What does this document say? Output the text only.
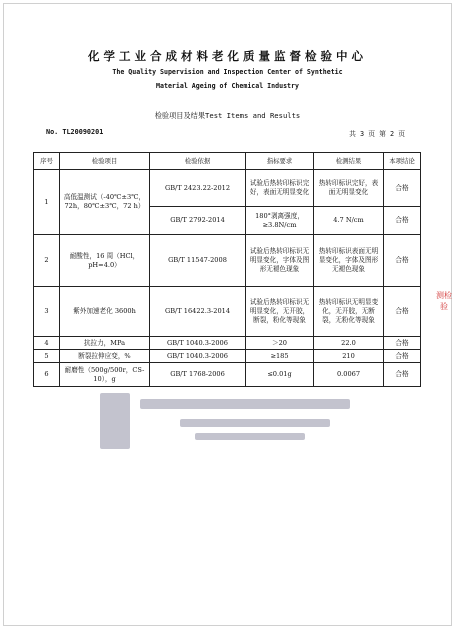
化学工业合成材料老化质量监督检验中心
The Quality Supervision and Inspection Center of Synthetic
Material Ageing of Chemical Industry
检验项目及结果Test Items and Results
No. TL20090201	共 3 页 第 2 页
序号	检验项目	检验依据	指标要求	检测结果	本项结论
1	高低温测试（-40℃±3℃，72h，80℃±3℃，72 h）	GB/T 2423.22-2012	试验后热转印标识完好，表面无明显变化	热转印标识完好，表面无明显变化	合格
		GB/T 2792-2014	180°剥离强度，≥3.8N/cm	4.7 N/cm	合格
2	耐酸性，16 周（HCl，pH=4.0）	GB/T 11547-2008	试验后热转印标识无明显变化，字体及图形无褪色现象	热转印标识表面无明显变化，字体及图形无褪色现象	合格
3	紫外加速老化 3600h	GB/T 16422.3-2014	试验后热转印标识无明显变化，无开胶，断裂，粉化等现象	热转印标识无明显变化，无开胶，无断裂，无粉化等现象	合格
4	抗拉力，MPa	GB/T 1040.3-2006	＞20	22.0	合格
5	断裂拉伸应变，%	GB/T 1040.3-2006	≥185	210	合格
6	耐磨性（500g/500r，CS-10），g	GB/T 1768-2006	≤0.01g	0.0067	合格
测检验
